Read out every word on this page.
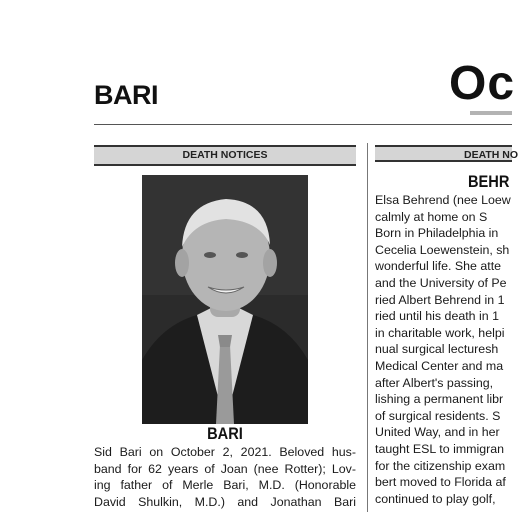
BARI	Oc
DEATH NOTICES	DEATH NO
BARI
Sid Bari on October 2, 2021. Beloved hus-
band for 62 years of Joan (nee Rotter); Lov-
ing father of Merle Bari, M.D. (Honorable
David Shulkin, M.D.) and Jonathan Bari
BEHR
Elsa Behrend (nee Loew
calmly at home on S
Born in Philadelphia in
Cecelia Loewenstein, sh
wonderful life. She atte
and the University of Pe
ried Albert Behrend in 1
ried until his death in 1
in charitable work, helpi
nual surgical lecturesh
Medical Center and ma
after Albert's passing,
lishing a permanent libr
of surgical residents. S
United Way, and in her
taught ESL to immigran
for the citizenship exam
bert moved to Florida af
continued to play golf,
